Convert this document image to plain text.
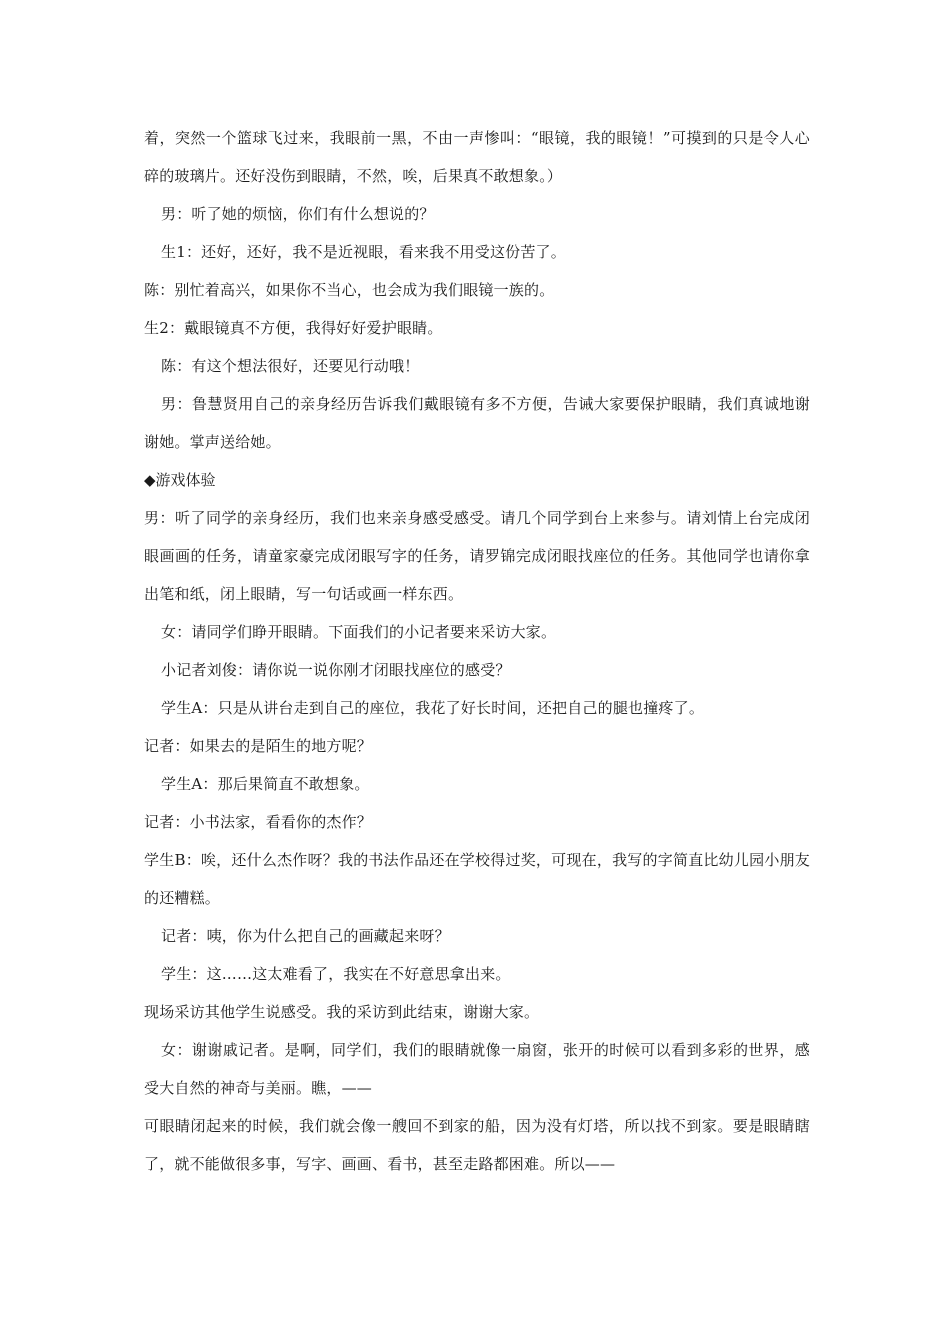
着，突然一个篮球飞过来，我眼前一黑，不由一声惨叫：“眼镜，我的眼镜！”可摸到的只是令人心碎的玻璃片。还好没伤到眼睛，不然，唉，后果真不敢想象。）

男：听了她的烦恼，你们有什么想说的？

生1：还好，还好，我不是近视眼，看来我不用受这份苦了。

陈：别忙着高兴，如果你不当心，也会成为我们眼镜一族的。

生2：戴眼镜真不方便，我得好好爱护眼睛。

陈：有这个想法很好，还要见行动哦！

男：鲁慧贤用自己的亲身经历告诉我们戴眼镜有多不方便，告诫大家要保护眼睛，我们真诚地谢谢她。掌声送给她。

◆游戏体验

男：听了同学的亲身经历，我们也来亲身感受感受。请几个同学到台上来参与。请刘情上台完成闭眼画画的任务，请童家豪完成闭眼写字的任务，请罗锦完成闭眼找座位的任务。其他同学也请你拿出笔和纸，闭上眼睛，写一句话或画一样东西。

女：请同学们睁开眼睛。下面我们的小记者要来采访大家。

小记者刘俊：请你说一说你刚才闭眼找座位的感受？

学生A：只是从讲台走到自己的座位，我花了好长时间，还把自己的腿也撞疼了。

记者：如果去的是陌生的地方呢？

学生A：那后果简直不敢想象。

记者：小书法家，看看你的杰作？

学生B：唉，还什么杰作呀？我的书法作品还在学校得过奖，可现在，我写的字简直比幼儿园小朋友的还糟糕。

记者：咦，你为什么把自己的画藏起来呀？

学生：这……这太难看了，我实在不好意思拿出来。

现场采访其他学生说感受。我的采访到此结束，谢谢大家。

女：谢谢戚记者。是啊，同学们，我们的眼睛就像一扇窗，张开的时候可以看到多彩的世界，感受大自然的神奇与美丽。瞧，——

可眼睛闭起来的时候，我们就会像一艘回不到家的船，因为没有灯塔，所以找不到家。要是眼睛瞎了，就不能做很多事，写字、画画、看书，甚至走路都困难。所以——
